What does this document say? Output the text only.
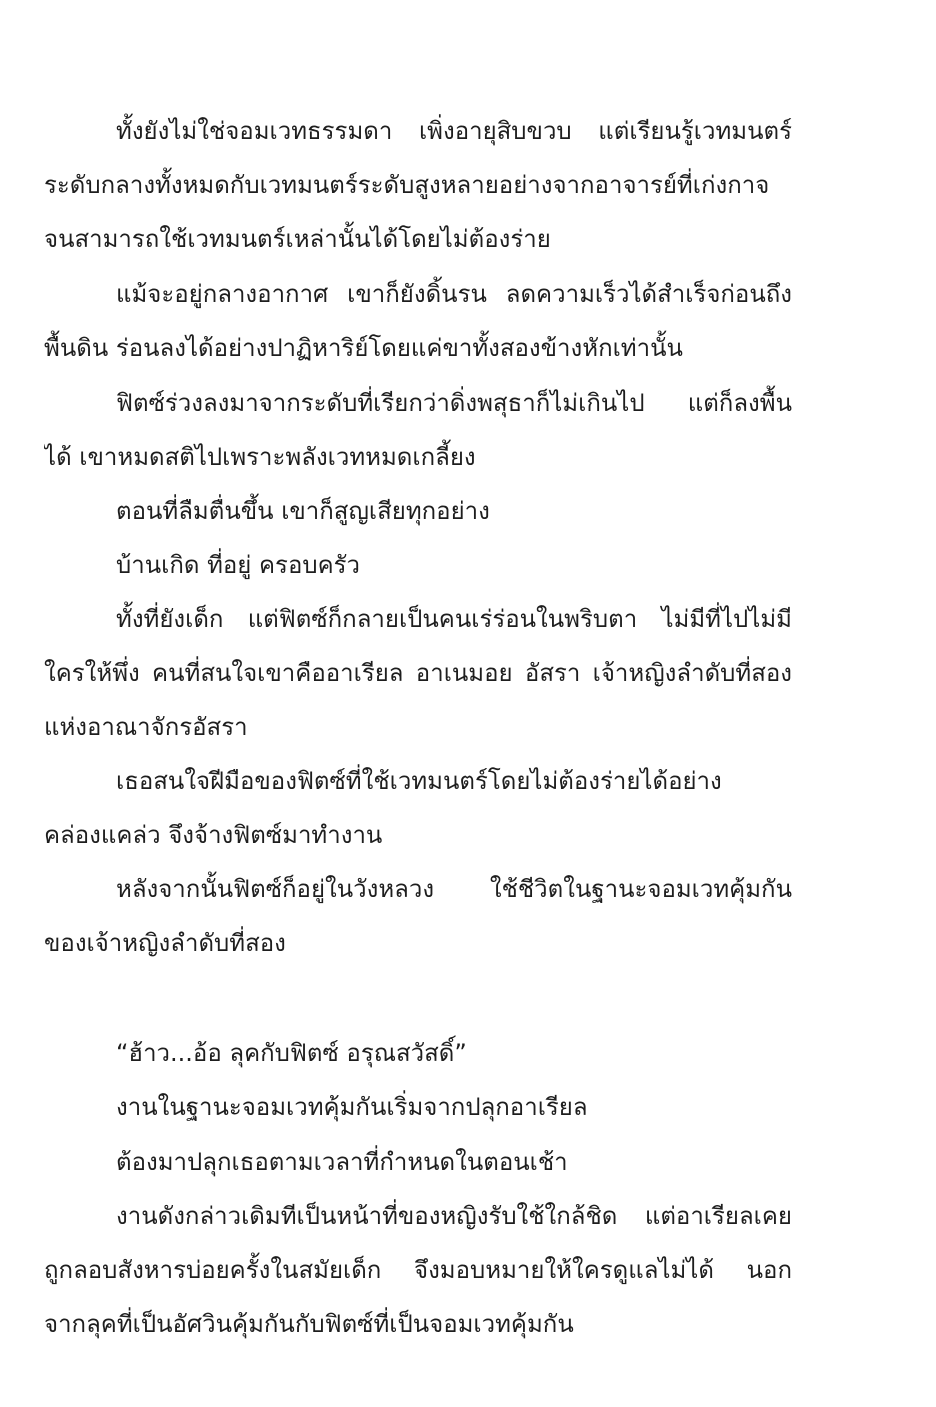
ทั้งยังไม่ใช่จอมเวทธรรมดา เพิ่งอายุสิบขวบ แต่เรียนรู้เวทมนตร์
ระดับกลางทั้งหมดกับเวทมนตร์ระดับสูงหลายอย่างจากอาจารย์ที่เก่งกาจ
จนสามารถใช้เวทมนตร์เหล่านั้นได้โดยไม่ต้องร่าย
แม้จะอยู่กลางอากาศ เขาก็ยังดิ้นรน ลดความเร็วได้สำเร็จก่อนถึง
พื้นดิน ร่อนลงได้อย่างปาฏิหาริย์โดยแค่ขาทั้งสองข้างหักเท่านั้น
ฟิตซ์ร่วงลงมาจากระดับที่เรียกว่าดิ่งพสุธาก็ไม่เกินไป แต่ก็ลงพื้น
ได้ เขาหมดสติไปเพราะพลังเวทหมดเกลี้ยง
ตอนที่ลืมตื่นขึ้น เขาก็สูญเสียทุกอย่าง
บ้านเกิด ที่อยู่ ครอบครัว
ทั้งที่ยังเด็ก แต่ฟิตซ์ก็กลายเป็นคนเร่ร่อนในพริบตา ไม่มีที่ไปไม่มี
ใครให้พึ่ง คนที่สนใจเขาคืออาเรียล อาเนมอย อัสรา เจ้าหญิงลำดับที่สอง
แห่งอาณาจักรอัสรา
เธอสนใจฝีมือของฟิตซ์ที่ใช้เวทมนตร์โดยไม่ต้องร่ายได้อย่าง
คล่องแคล่ว จึงจ้างฟิตซ์มาทำงาน
หลังจากนั้นฟิตซ์ก็อยู่ในวังหลวง ใช้ชีวิตในฐานะจอมเวทคุ้มกัน
ของเจ้าหญิงลำดับที่สอง
“ฮ้าว...อ้อ ลุคกับฟิตซ์ อรุณสวัสดิ์”
งานในฐานะจอมเวทคุ้มกันเริ่มจากปลุกอาเรียล
ต้องมาปลุกเธอตามเวลาที่กำหนดในตอนเช้า
งานดังกล่าวเดิมทีเป็นหน้าที่ของหญิงรับใช้ใกล้ชิด แต่อาเรียลเคย
ถูกลอบสังหารบ่อยครั้งในสมัยเด็ก จึงมอบหมายให้ใครดูแลไม่ได้ นอก
จากลุคที่เป็นอัศวินคุ้มกันกับฟิตซ์ที่เป็นจอมเวทคุ้มกัน
